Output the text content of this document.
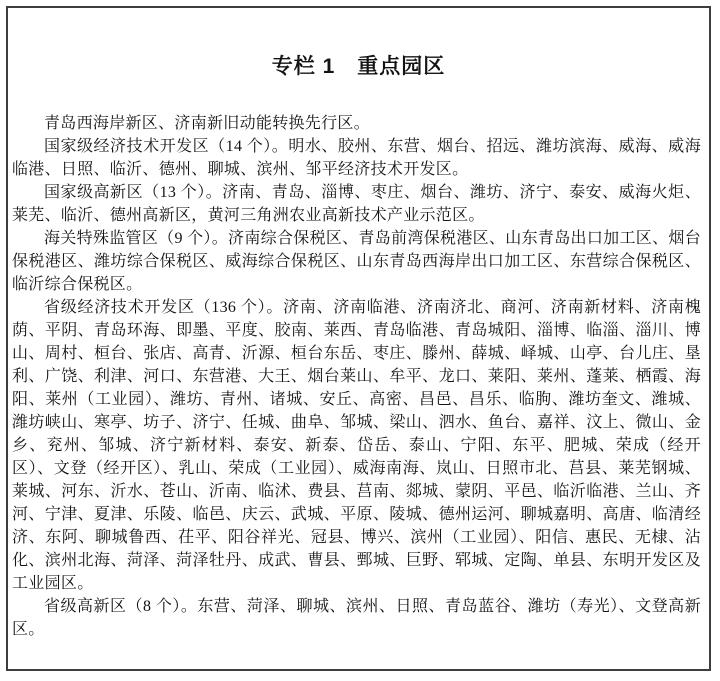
专栏 1　重点园区

青岛西海岸新区、济南新旧动能转换先行区。

国家级经济技术开发区（14 个）。明水、胶州、东营、烟台、招远、潍坊滨海、威海、威海临港、日照、临沂、德州、聊城、滨州、邹平经济技术开发区。

国家级高新区（13 个）。济南、青岛、淄博、枣庄、烟台、潍坊、济宁、泰安、威海火炬、莱芜、临沂、德州高新区，黄河三角洲农业高新技术产业示范区。

海关特殊监管区（9 个）。济南综合保税区、青岛前湾保税港区、山东青岛出口加工区、烟台保税港区、潍坊综合保税区、威海综合保税区、山东青岛西海岸出口加工区、东营综合保税区、临沂综合保税区。

省级经济技术开发区（136 个）。济南、济南临港、济南济北、商河、济南新材料、济南槐荫、平阴、青岛环海、即墨、平度、胶南、莱西、青岛临港、青岛城阳、淄博、临淄、淄川、博山、周村、桓台、张店、高青、沂源、桓台东岳、枣庄、滕州、薛城、峄城、山亭、台儿庄、垦利、广饶、利津、河口、东营港、大王、烟台莱山、牟平、龙口、莱阳、莱州、蓬莱、栖霞、海阳、莱州（工业园）、潍坊、青州、诸城、安丘、高密、昌邑、昌乐、临朐、潍坊奎文、潍城、潍坊峡山、寒亭、坊子、济宁、任城、曲阜、邹城、梁山、泗水、鱼台、嘉祥、汶上、微山、金乡、兖州、邹城、济宁新材料、泰安、新泰、岱岳、泰山、宁阳、东平、肥城、荣成（经开区）、文登（经开区）、乳山、荣成（工业园）、威海南海、岚山、日照市北、莒县、莱芜钢城、莱城、河东、沂水、苍山、沂南、临沭、费县、莒南、郯城、蒙阴、平邑、临沂临港、兰山、齐河、宁津、夏津、乐陵、临邑、庆云、武城、平原、陵城、德州运河、聊城嘉明、高唐、临清经济、东阿、聊城鲁西、茌平、阳谷祥光、冠县、博兴、滨州（工业园）、阳信、惠民、无棣、沾化、滨州北海、菏泽、菏泽牡丹、成武、曹县、鄄城、巨野、郓城、定陶、单县、东明开发区及工业园区。

省级高新区（8 个）。东营、菏泽、聊城、滨州、日照、青岛蓝谷、潍坊（寿光）、文登高新区。
